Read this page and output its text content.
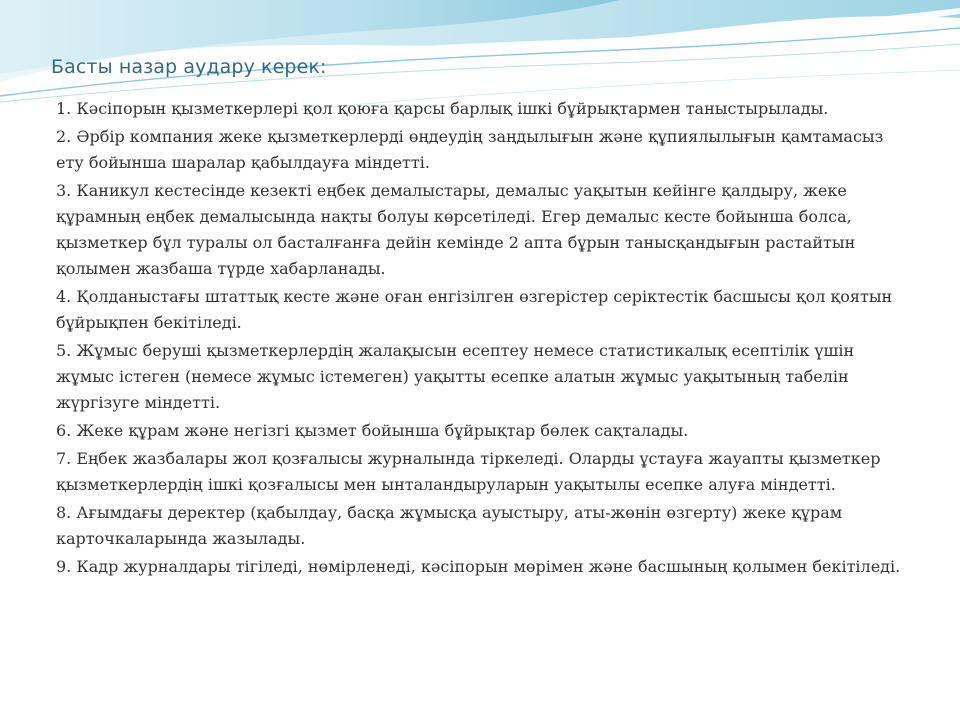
Басты назар аудару керек:
1. Кәсіпорын қызметкерлері қол қоюға қарсы барлық ішкі бұйрықтармен таныстырылады.
2. Әрбір компания жеке қызметкерлерді өңдеудің заңдылығын және құпиялылығын қамтамасыз ету бойынша шаралар қабылдауға міндетті.
3. Каникул кестесінде кезекті еңбек демалыстары, демалыс уақытын кейінге қалдыру, жеке құрамның еңбек демалысында нақты болуы көрсетіледі. Егер демалыс кесте бойынша болса, қызметкер бұл туралы ол басталғанға дейін кемінде 2 апта бұрын танысқандығын растайтын қолымен жазбаша түрде хабарланады.
4. Қолданыстағы штаттық кесте және оған енгізілген өзгерістер серіктестік басшысы қол қоятын бұйрықпен бекітіледі.
5. Жұмыс беруші қызметкерлердің жалақысын есептеу немесе статистикалық есептілік үшін жұмыс істеген (немесе жұмыс істемеген) уақытты есепке алатын жұмыс уақытының табелін жүргізуге міндетті.
6. Жеке құрам және негізгі қызмет бойынша бұйрықтар бөлек сақталады.
7. Еңбек жазбалары жол қозғалысы журналында тіркеледі. Оларды ұстауға жауапты қызметкер қызметкерлердің ішкі қозғалысы мен ынталандыруларын уақытылы есепке алуға міндетті.
8. Ағымдағы деректер (қабылдау, басқа жұмысқа ауыстыру, аты-жөнін өзгерту) жеке құрам карточкаларында жазылады.
9. Кадр журналдары тігіледі, нөмірленеді, кәсіпорын мөрімен және басшының қолымен бекітіледі.
